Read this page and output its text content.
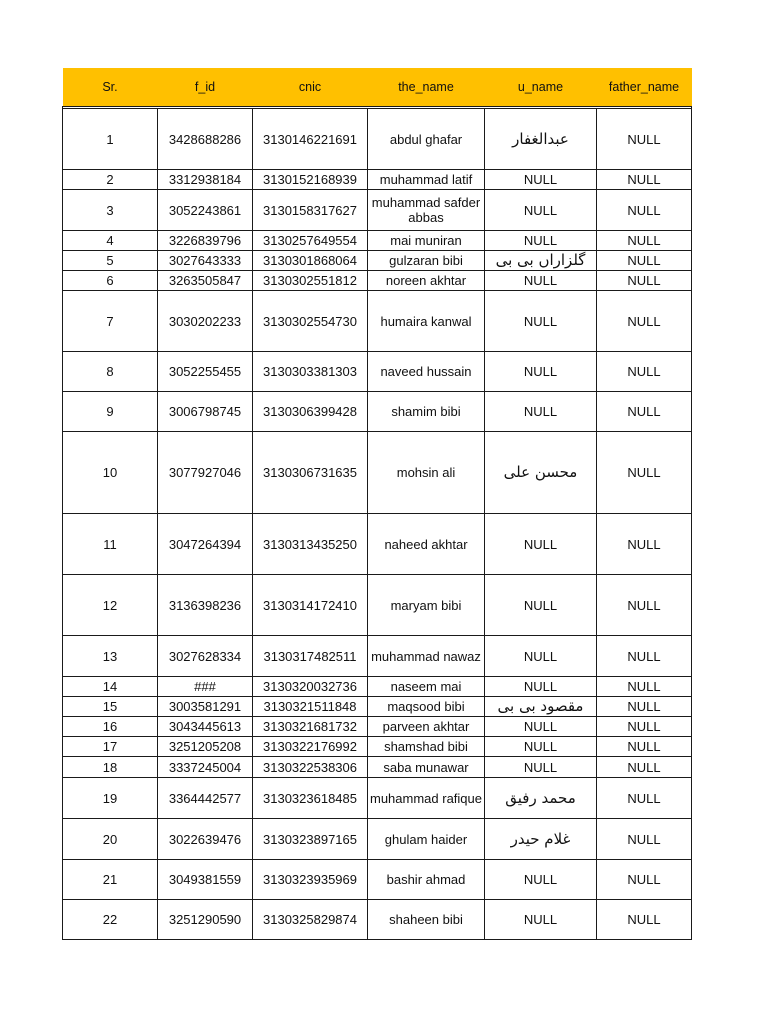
Sr.	f_id	cnic	the_name	u_name	father_name

1	3428688286	3130146221691	abdul ghafar	عبدالغفار	NULL
2	3312938184	3130152168939	muhammad latif	NULL	NULL
3	3052243861	3130158317627	muhammad safder abbas	NULL	NULL
4	3226839796	3130257649554	mai muniran	NULL	NULL
5	3027643333	3130301868064	gulzaran bibi	گلزاراں بی بی	NULL
6	3263505847	3130302551812	noreen akhtar	NULL	NULL
7	3030202233	3130302554730	humaira kanwal	NULL	NULL
8	3052255455	3130303381303	naveed hussain	NULL	NULL
9	3006798745	3130306399428	shamim bibi	NULL	NULL
10	3077927046	3130306731635	mohsin ali	محسن علی	NULL
11	3047264394	3130313435250	naheed akhtar	NULL	NULL
12	3136398236	3130314172410	maryam bibi	NULL	NULL
13	3027628334	3130317482511	muhammad nawaz	NULL	NULL
14	###	3130320032736	naseem mai	NULL	NULL
15	3003581291	3130321511848	maqsood bibi	مقصود بی بی	NULL
16	3043445613	3130321681732	parveen akhtar	NULL	NULL
17	3251205208	3130322176992	shamshad bibi	NULL	NULL
18	3337245004	3130322538306	saba munawar	NULL	NULL
19	3364442577	3130323618485	muhammad rafique	محمد رفیق	NULL
20	3022639476	3130323897165	ghulam haider	غلام حیدر	NULL
21	3049381559	3130323935969	bashir ahmad	NULL	NULL
22	3251290590	3130325829874	shaheen bibi	NULL	NULL
